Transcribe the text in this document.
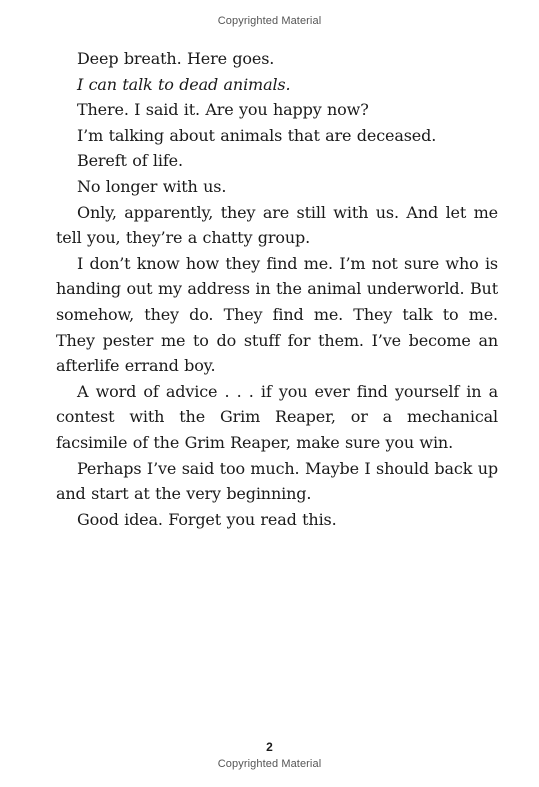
Copyrighted Material

Deep breath. Here goes.

I can talk to dead animals.

There. I said it. Are you happy now?

I’m talking about animals that are deceased.

Bereft of life.

No longer with us.

Only, apparently, they are still with us. And let me tell you, they’re a chatty group.

I don’t know how they find me. I’m not sure who is handing out my address in the animal underworld. But somehow, they do. They find me. They talk to me. They pester me to do stuff for them. I’ve become an afterlife errand boy.

A word of advice . . . if you ever find yourself in a contest with the Grim Reaper, or a mechanical facsimile of the Grim Reaper, make sure you win.

Perhaps I’ve said too much. Maybe I should back up and start at the very beginning.

Good idea. Forget you read this.

2
Copyrighted Material
